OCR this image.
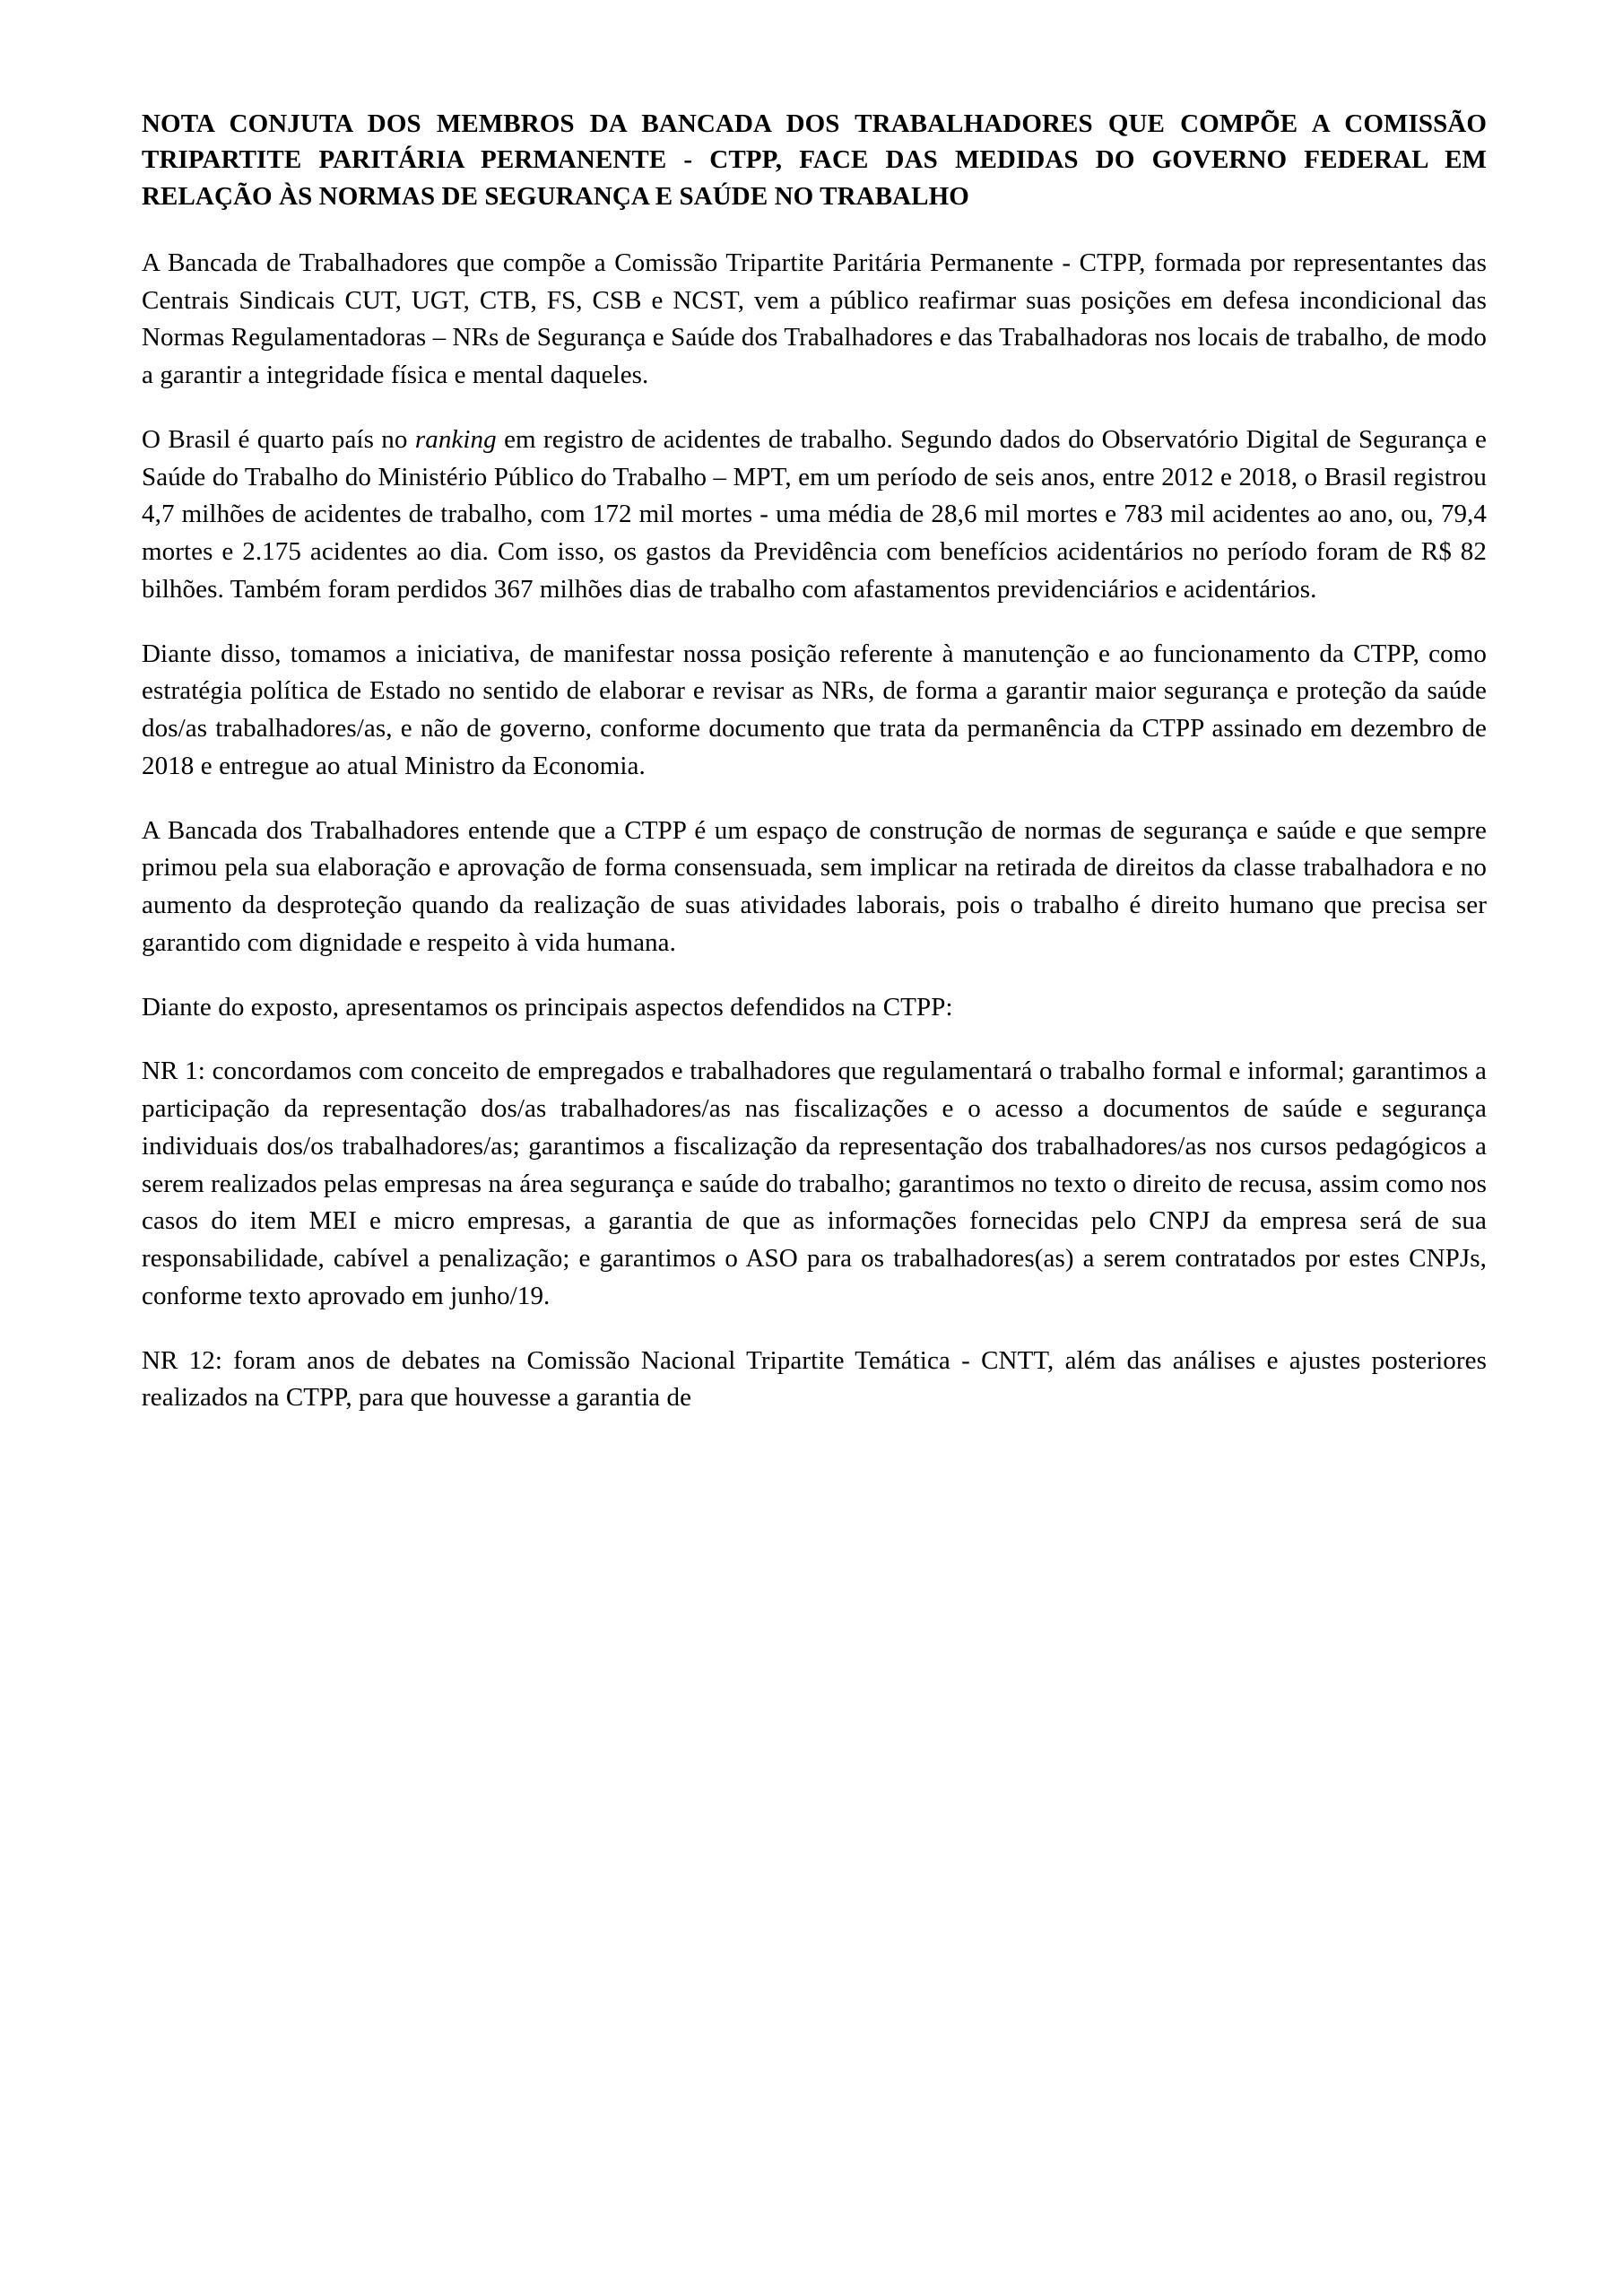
NOTA CONJUTA DOS MEMBROS DA BANCADA DOS TRABALHADORES QUE COMPÕE A COMISSÃO TRIPARTITE PARITÁRIA PERMANENTE - CTPP, FACE DAS MEDIDAS DO GOVERNO FEDERAL EM RELAÇÃO ÀS NORMAS DE SEGURANÇA E SAÚDE NO TRABALHO

A Bancada de Trabalhadores que compõe a Comissão Tripartite Paritária Permanente - CTPP, formada por representantes das Centrais Sindicais CUT, UGT, CTB, FS, CSB e NCST, vem a público reafirmar suas posições em defesa incondicional das Normas Regulamentadoras – NRs de Segurança e Saúde dos Trabalhadores e das Trabalhadoras nos locais de trabalho, de modo a garantir a integridade física e mental daqueles.

O Brasil é quarto país no ranking em registro de acidentes de trabalho. Segundo dados do Observatório Digital de Segurança e Saúde do Trabalho do Ministério Público do Trabalho – MPT, em um período de seis anos, entre 2012 e 2018, o Brasil registrou 4,7 milhões de acidentes de trabalho, com 172 mil mortes - uma média de 28,6 mil mortes e 783 mil acidentes ao ano, ou, 79,4 mortes e 2.175 acidentes ao dia. Com isso, os gastos da Previdência com benefícios acidentários no período foram de R$ 82 bilhões. Também foram perdidos 367 milhões dias de trabalho com afastamentos previdenciários e acidentários.

Diante disso, tomamos a iniciativa, de manifestar nossa posição referente à manutenção e ao funcionamento da CTPP, como estratégia política de Estado no sentido de elaborar e revisar as NRs, de forma a garantir maior segurança e proteção da saúde dos/as trabalhadores/as, e não de governo, conforme documento que trata da permanência da CTPP assinado em dezembro de 2018 e entregue ao atual Ministro da Economia.

A Bancada dos Trabalhadores entende que a CTPP é um espaço de construção de normas de segurança e saúde e que sempre primou pela sua elaboração e aprovação de forma consensuada, sem implicar na retirada de direitos da classe trabalhadora e no aumento da desproteção quando da realização de suas atividades laborais, pois o trabalho é direito humano que precisa ser garantido com dignidade e respeito à vida humana.

Diante do exposto, apresentamos os principais aspectos defendidos na CTPP:

NR 1: concordamos com conceito de empregados e trabalhadores que regulamentará o trabalho formal e informal; garantimos a participação da representação dos/as trabalhadores/as nas fiscalizações e o acesso a documentos de saúde e segurança individuais dos/os trabalhadores/as; garantimos a fiscalização da representação dos trabalhadores/as nos cursos pedagógicos a serem realizados pelas empresas na área segurança e saúde do trabalho; garantimos no texto o direito de recusa, assim como nos casos do item MEI e micro empresas, a garantia de que as informações fornecidas pelo CNPJ da empresa será de sua responsabilidade, cabível a penalização; e garantimos o ASO para os trabalhadores(as) a serem contratados por estes CNPJs, conforme texto aprovado em junho/19.

NR 12: foram anos de debates na Comissão Nacional Tripartite Temática - CNTT, além das análises e ajustes posteriores realizados na CTPP, para que houvesse a garantia de
